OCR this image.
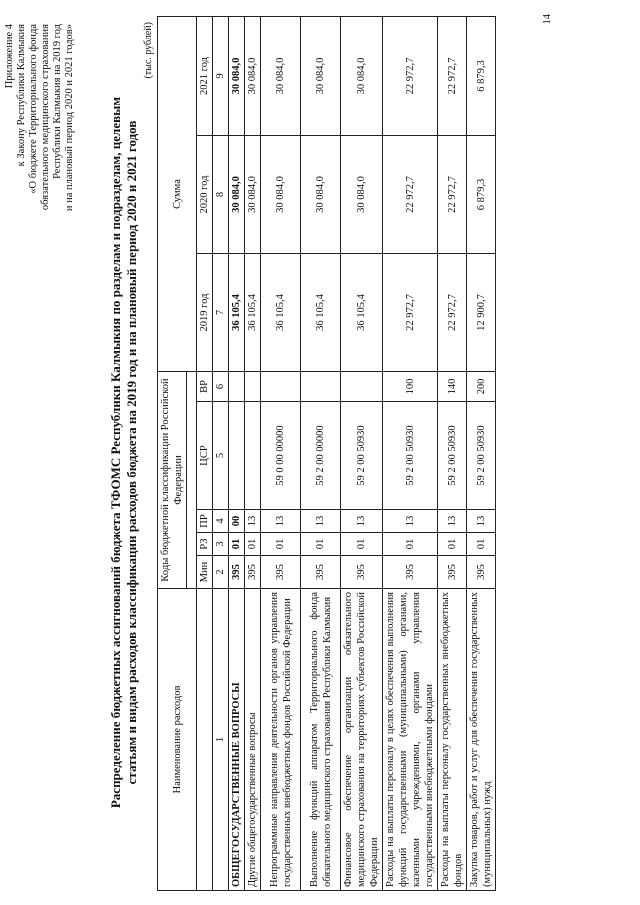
Приложение 4 к Закону Республики Калмыкия «О бюджете Территориального фонда обязательного медицинского страхования Республики Калмыкия на 2019 год и на плановый период 2020 и 2021 годов»	Распределение бюджетных ассигнований бюджета ТФОМС Республики Калмыкия по разделам и подразделам, целевым статьям и видам расходов классификации расходов бюджета на 2019 год и на плановый период 2020 и 2021 годов
(тыс. рублей)
Наименование расходов	Коды бюджетной классификации Российской Федерации					Сумма		

	Мин	РЗ	ПР	ЦСР	ВР	2019 год	2020 год	2021 год
1	2	3	4	5	6	7	8	9
ОБЩЕГОСУДАРСТВЕННЫЕ ВОПРОСЫ	395	01	00			36 105,4	30 084,0	30 084,0
Другие общегосударственные вопросы	395	01	13			36 105,4	30 084,0	30 084,0
Непрограммные направления деятельности органов управления государственных внебюджетных фондов Российской Федерации	395	01	13	59 0 00 00000		36 105,4	30 084,0	30 084,0
Выполнение функций аппаратом Территориального фонда обязательного медицинского страхования Республики Калмыкия	395	01	13	59 2 00 00000		36 105,4	30 084,0	30 084,0
Финансовое обеспечение организации обязательного медицинского страхования на территориях субъектов Российской Федерации	395	01	13	59 2 00 50930		36 105,4	30 084,0	30 084,0
Расходы на выплаты персоналу в целях обеспечения выполнения функций государственными (муниципальными) органами, казенными учреждениями, органами управления государственными внебюджетными фондами	395	01	13	59 2 00 50930	100	22 972,7	22 972,7	22 972,7
Расходы на выплаты персоналу государственных внебюджетных фондов	395	01	13	59 2 00 50930	140	22 972,7	22 972,7	22 972,7
Закупка товаров, работ и услуг для обеспечения государственных (муниципальных) нужд	395	01	13	59 2 00 50930	200	12 900,7	6 879,3	6 879,3
14
